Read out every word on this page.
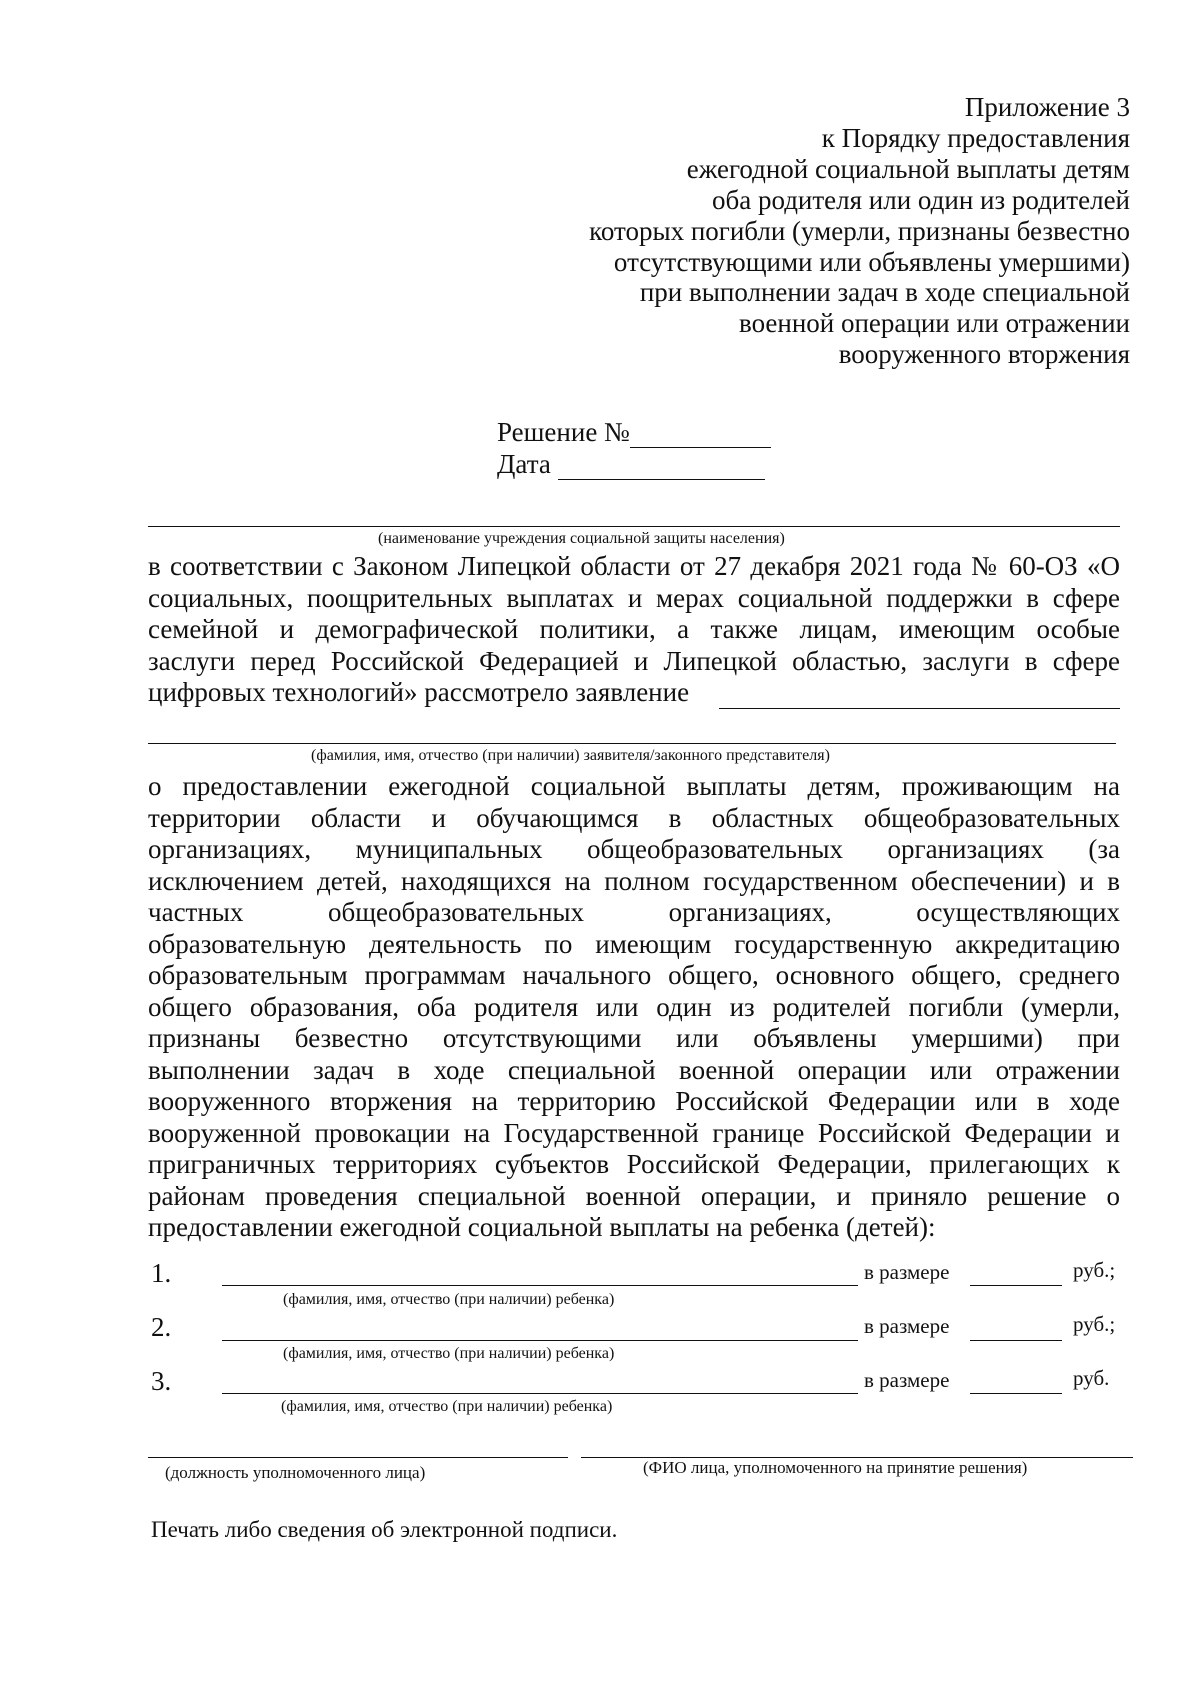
Приложение 3
к Порядку предоставления
ежегодной социальной выплаты детям
оба родителя или один из родителей
которых погибли (умерли, признаны безвестно
отсутствующими или объявлены умершими)
при выполнении задач в ходе специальной
военной операции или отражении
вооруженного вторжения
Решение №
Дата
(наименование учреждения социальной защиты населения)
в соответствии с Законом Липецкой области от 27 декабря 2021 года № 60-ОЗ «О
социальных, поощрительных выплатах и мерах социальной поддержки в сфере
семейной и демографической политики, а также лицам, имеющим особые
заслуги перед Российской Федерацией и Липецкой областью, заслуги в сфере
цифровых технологий» рассмотрело заявление
(фамилия, имя, отчество (при наличии) заявителя/законного представителя)
о предоставлении ежегодной социальной выплаты детям, проживающим на
территории области и обучающимся в областных общеобразовательных
организациях, муниципальных общеобразовательных организациях (за
исключением детей, находящихся на полном государственном обеспечении) и в
частных общеобразовательных организациях, осуществляющих
образовательную деятельность по имеющим государственную аккредитацию
образовательным программам начального общего, основного общего, среднего
общего образования, оба родителя или один из родителей погибли (умерли,
признаны безвестно отсутствующими или объявлены умершими) при
выполнении задач в ходе специальной военной операции или отражении
вооруженного вторжения на территорию Российской Федерации или в ходе
вооруженной провокации на Государственной границе Российской Федерации и
приграничных территориях субъектов Российской Федерации, прилегающих к
районам проведения специальной военной операции, и приняло решение о
предоставлении ежегодной социальной выплаты на ребенка (детей):
1.	в размере	руб.;
(фамилия, имя, отчество (при наличии) ребенка)
2.	в размере	руб.;
(фамилия, имя, отчество (при наличии) ребенка)
3.	в размере	руб.
(фамилия, имя, отчество (при наличии) ребенка)
(должность уполномоченного лица)	(ФИО лица, уполномоченного на принятие решения)
Печать либо сведения об электронной подписи.
